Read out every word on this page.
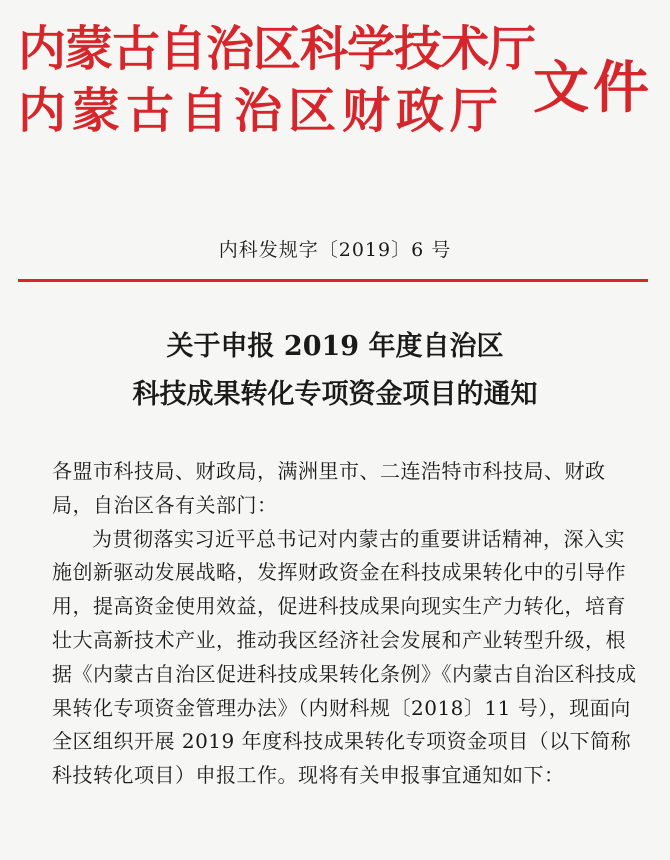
内蒙古自治区科学技术厅
内蒙古自治区财政厅 文件
内科发规字〔2019〕6 号
关于申报 2019 年度自治区
科技成果转化专项资金项目的通知

各盟市科技局、财政局，满洲里市、二连浩特市科技局、财政局，自治区各有关部门：

为贯彻落实习近平总书记对内蒙古的重要讲话精神，深入实施创新驱动发展战略，发挥财政资金在科技成果转化中的引导作用，提高资金使用效益，促进科技成果向现实生产力转化，培育壮大高新技术产业，推动我区经济社会发展和产业转型升级，根据《内蒙古自治区促进科技成果转化条例》《内蒙古自治区科技成果转化专项资金管理办法》（内财科规〔2018〕11 号），现面向全区组织开展 2019 年度科技成果转化专项资金项目（以下简称科技转化项目）申报工作。现将有关申报事宜通知如下：
